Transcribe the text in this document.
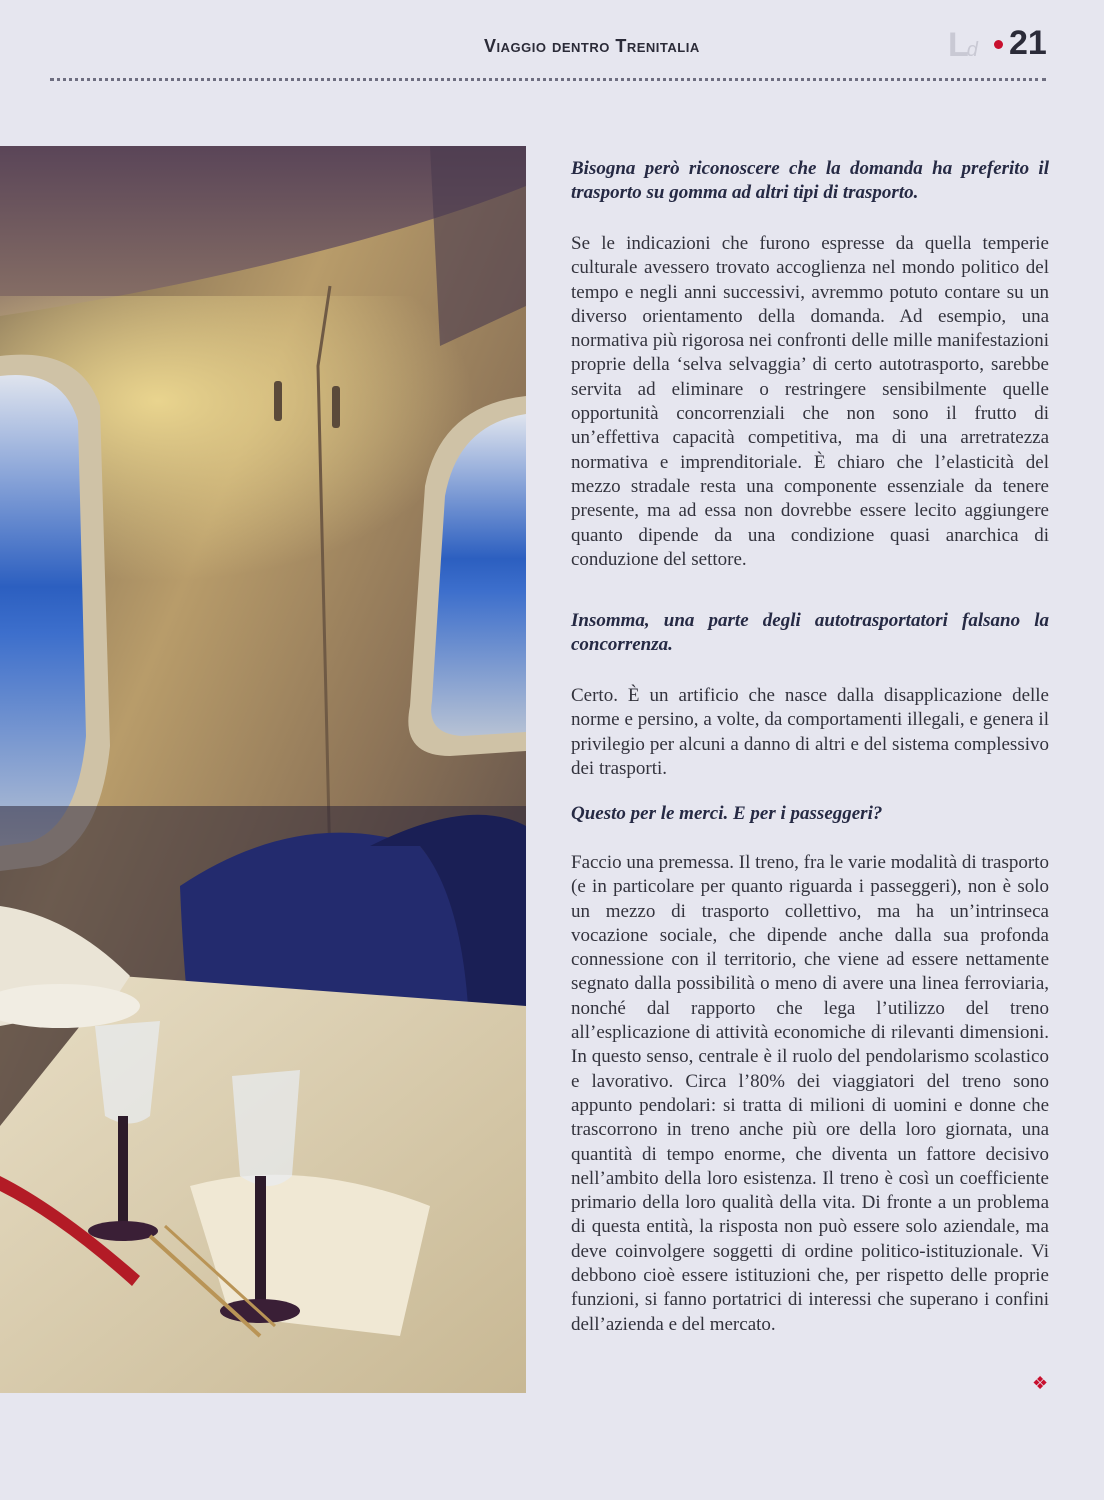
Viaggio dentro Trenitalia	Ld 21

Bisogna però riconoscere che la domanda ha preferito il trasporto su gomma ad altri tipi di trasporto.

Se le indicazioni che furono espresse da quella temperie culturale avessero trovato accoglienza nel mondo politico del tempo e negli anni successivi, avremmo potuto contare su un diverso orientamento della domanda. Ad esempio, una normativa più rigorosa nei confronti delle mille manifestazioni proprie della ‘selva selvaggia’ di certo autotrasporto, sarebbe servita ad eliminare o restringere sensibilmente quelle opportunità concorrenziali che non sono il frutto di un’effettiva capacità competitiva, ma di una arretratezza normativa e imprenditoriale. È chiaro che l’elasticità del mezzo stradale resta una componente essenziale da tenere presente, ma ad essa non dovrebbe essere lecito aggiungere quanto dipende da una condizione quasi anarchica di conduzione del settore.

Insomma, una parte degli autotrasportatori falsano la concorrenza.

Certo. È un artificio che nasce dalla disapplicazione delle norme e persino, a volte, da comportamenti illegali, e genera il privilegio per alcuni a danno di altri e del sistema complessivo dei trasporti.

Questo per le merci. E per i passeggeri?

Faccio una premessa. Il treno, fra le varie modalità di trasporto (e in particolare per quanto riguarda i passeggeri), non è solo un mezzo di trasporto collettivo, ma ha un’intrinseca vocazione sociale, che dipende anche dalla sua profonda connessione con il territorio, che viene ad essere nettamente segnato dalla possibilità o meno di avere una linea ferroviaria, nonché dal rapporto che lega l’utilizzo del treno all’esplicazione di attività economiche di rilevanti dimensioni. In questo senso, centrale è il ruolo del pendolarismo scolastico e lavorativo. Circa l’80% dei viaggiatori del treno sono appunto pendolari: si tratta di milioni di uomini e donne che trascorrono in treno anche più ore della loro giornata, una quantità di tempo enorme, che diventa un fattore decisivo nell’ambito della loro esistenza. Il treno è così un coefficiente primario della loro qualità della vita. Di fronte a un problema di questa entità, la risposta non può essere solo aziendale, ma deve coinvolgere soggetti di ordine politico-istituzionale. Vi debbono cioè essere istituzioni che, per rispetto delle proprie funzioni, si fanno portatrici di interessi che superano i confini dell’azienda e del mercato.

❖
